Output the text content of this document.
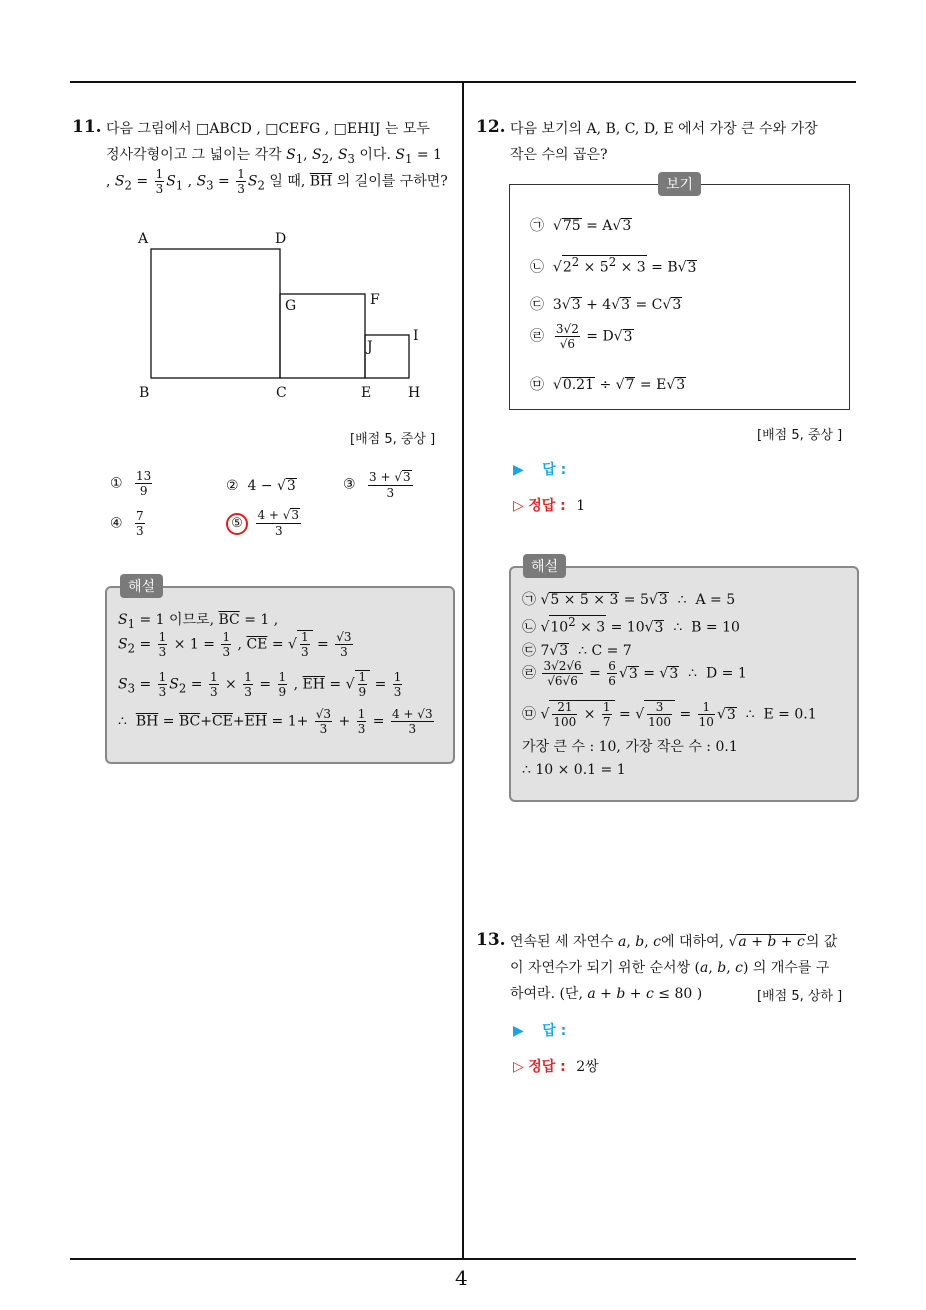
4
11. 다음 그림에서 □ABCD , □CEFG , □EHIJ 는 모두
정사각형이고 그 넓이는 각각 $S_1$, $S_2$, $S_3$ 이다. $S_1 = 1$
, $S_2 = \frac{1}{3} S_1$ , $S_3 = \frac{1}{3} S_2$ 일 때, $\overline{BH}$ 의 길이를 구하면?
A	D
G	F
J
I
B	C	E	H
[배점 5, 중상 ]
① $\frac{13}{9}$	②  4 − √3	③ $\frac{3 + √3}{3}$
④ $\frac{7}{3}$	⑤ $\frac{4 + √3}{3}$
해설
$S_1 = 1$ 이므로, $\overline{BC} = 1$ ,
$S_2 = \frac{1}{3} \times 1 = \frac{1}{3}$ , $\overline{CE}$ = √ $\frac{1}{3} = \frac{√3}{3}$
$S_3 = \frac{1}{3} S_2 = \frac{1}{3} \times \frac{1}{3} = \frac{1}{9}$ , $\overline{EH}$ = √ $\frac{1}{9} = \frac{1}{3}$
∴  $\overline{BH} = \overline{BC}+\overline{CE}+\overline{EH} = 1+ \frac{√3}{3} + \frac{1}{3} = \frac{4 + √3}{3}$
12. 다음 보기의 A, B, C, D, E 에서 가장 큰 수와 가장
작은 수의 곱은?
㉠  √75 = A√3
㉡  $√2^2 \times 5^2 \times 3 = B√3$
㉢  3√3 + 4√3 = C√3
㉣ $\frac{3√2}{√6} = D√3$
㉤  √0.21 ÷ √7 = E√3
보기
[배점 5, 중상 ]
▶ 답 :
▷ 정답 : 1
해설
㉠ √5 × 5 × 3 = 5√3  ∴  A = 5
㉡ $√10^2 \times 3 = 10√3$  ∴  B = 10
㉢ 7√3  ∴ C = 7
㉣ $\frac{3√2√6}{√6√6} = \frac{6}{6} √3 = √3$  ∴  D = 1
㉤ √ $\frac{21}{100} \times \frac{1}{7}$ = √ $\frac{3}{100} = \frac{1}{10} √3$  ∴  E = 0.1
가장 큰 수 : 10, 가장 작은 수 : 0.1
∴ 10 × 0.1 = 1
13. 연속된 세 자연수 a, b, c에 대하여, √a + b + c의 값
이 자연수가 되기 위한 순서쌍 (a, b, c) 의 개수를 구
하여라. (단, a + b + c ≤ 80 )	[배점 5, 상하 ]
▶ 답 :
▷ 정답 : 2쌍
